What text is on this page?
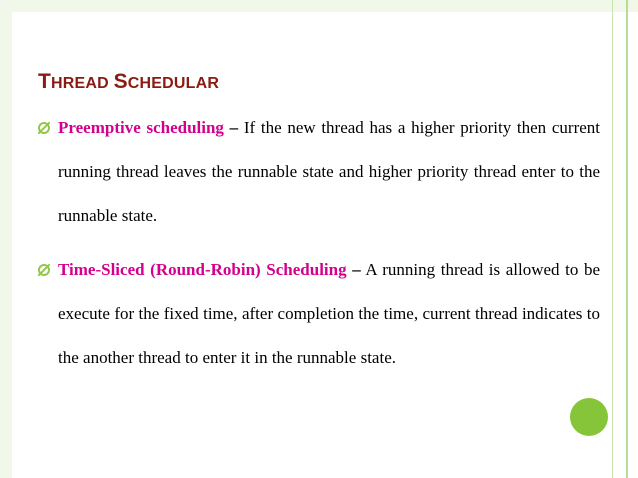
THREAD SCHEDULAR
Preemptive scheduling – If the new thread has a higher priority then current running thread leaves the runnable state and higher priority thread enter to the runnable state.
Time-Sliced (Round-Robin) Scheduling – A running thread is allowed to be execute for the fixed time, after completion the time, current thread indicates to the another thread to enter it in the runnable state.
